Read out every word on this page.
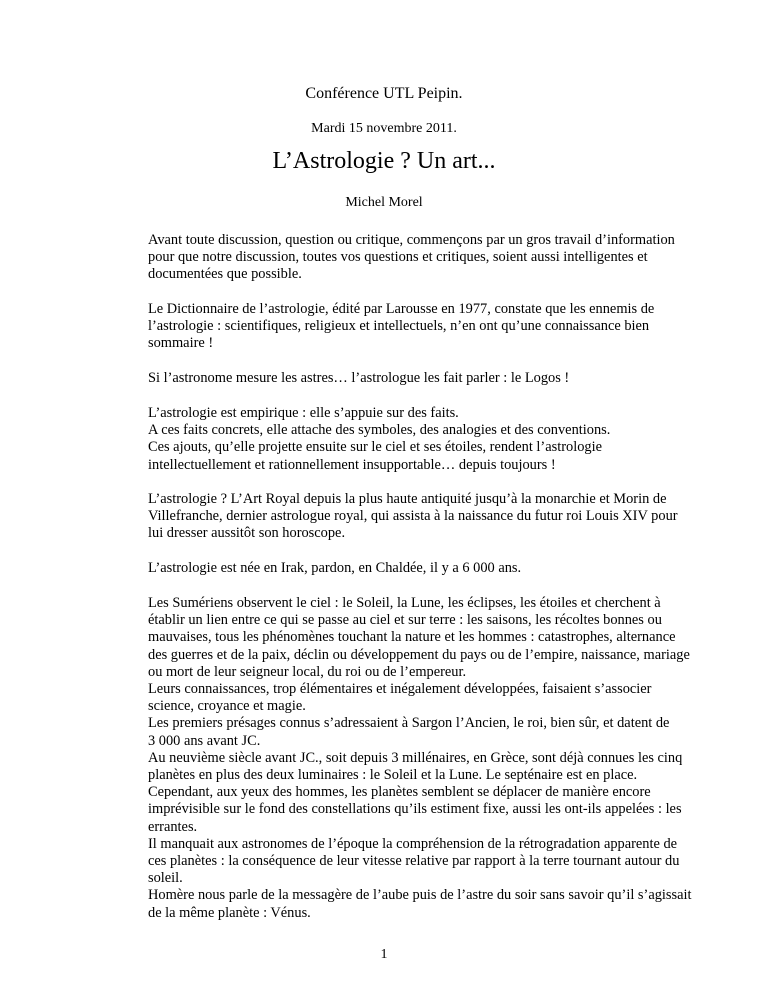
Conférence UTL Peipin.
Mardi 15 novembre 2011.
L’Astrologie ? Un art...
Michel Morel
Avant toute discussion, question ou critique, commençons par un gros travail d’information
pour que notre discussion, toutes vos questions et critiques, soient aussi intelligentes et
documentées que possible.
Le Dictionnaire de l’astrologie, édité par Larousse en 1977, constate que les ennemis de
l’astrologie : scientifiques, religieux et intellectuels, n’en ont qu’une connaissance bien
sommaire !
Si l’astronome mesure les astres… l’astrologue les fait parler : le Logos !
L’astrologie est empirique : elle s’appuie sur des faits.
A ces faits concrets, elle attache des symboles, des analogies et des conventions.
Ces ajouts, qu’elle projette ensuite sur le ciel et ses étoiles, rendent l’astrologie
intellectuellement et rationnellement insupportable… depuis toujours !
L’astrologie ? L’Art Royal depuis la plus haute antiquité jusqu’à la monarchie et Morin de
Villefranche, dernier astrologue royal, qui assista à la naissance du futur roi Louis XIV pour
lui dresser aussitôt son horoscope.
L’astrologie est née en Irak, pardon, en Chaldée, il y a 6 000 ans.
Les Sumériens observent le ciel : le Soleil, la Lune, les éclipses, les étoiles et cherchent à
établir un lien entre ce qui se passe au ciel et sur terre : les saisons, les récoltes bonnes ou
mauvaises, tous les phénomènes touchant la nature et les hommes : catastrophes, alternance
des guerres et de la paix, déclin ou développement du pays ou de l’empire, naissance, mariage
ou mort de leur seigneur local, du roi ou de l’empereur.
Leurs connaissances, trop élémentaires et inégalement développées, faisaient s’associer
science, croyance et magie.
Les premiers présages connus s’adressaient à Sargon l’Ancien, le roi, bien sûr, et datent de
3 000 ans avant JC.
Au neuvième siècle avant JC., soit depuis 3 millénaires, en Grèce, sont déjà connues les cinq
planètes en plus des deux luminaires : le Soleil et la Lune. Le septénaire est en place.
Cependant, aux yeux des hommes, les planètes semblent se déplacer de manière encore
imprévisible sur le fond des constellations qu’ils estiment fixe, aussi les ont-ils appelées : les
errantes.
Il manquait aux astronomes de l’époque la compréhension de la rétrogradation apparente de
ces planètes : la conséquence de leur vitesse relative par rapport à la terre tournant autour du
soleil.
Homère nous parle de la messagère de l’aube puis de l’astre du soir sans savoir qu’il s’agissait
de la même planète : Vénus.
1
